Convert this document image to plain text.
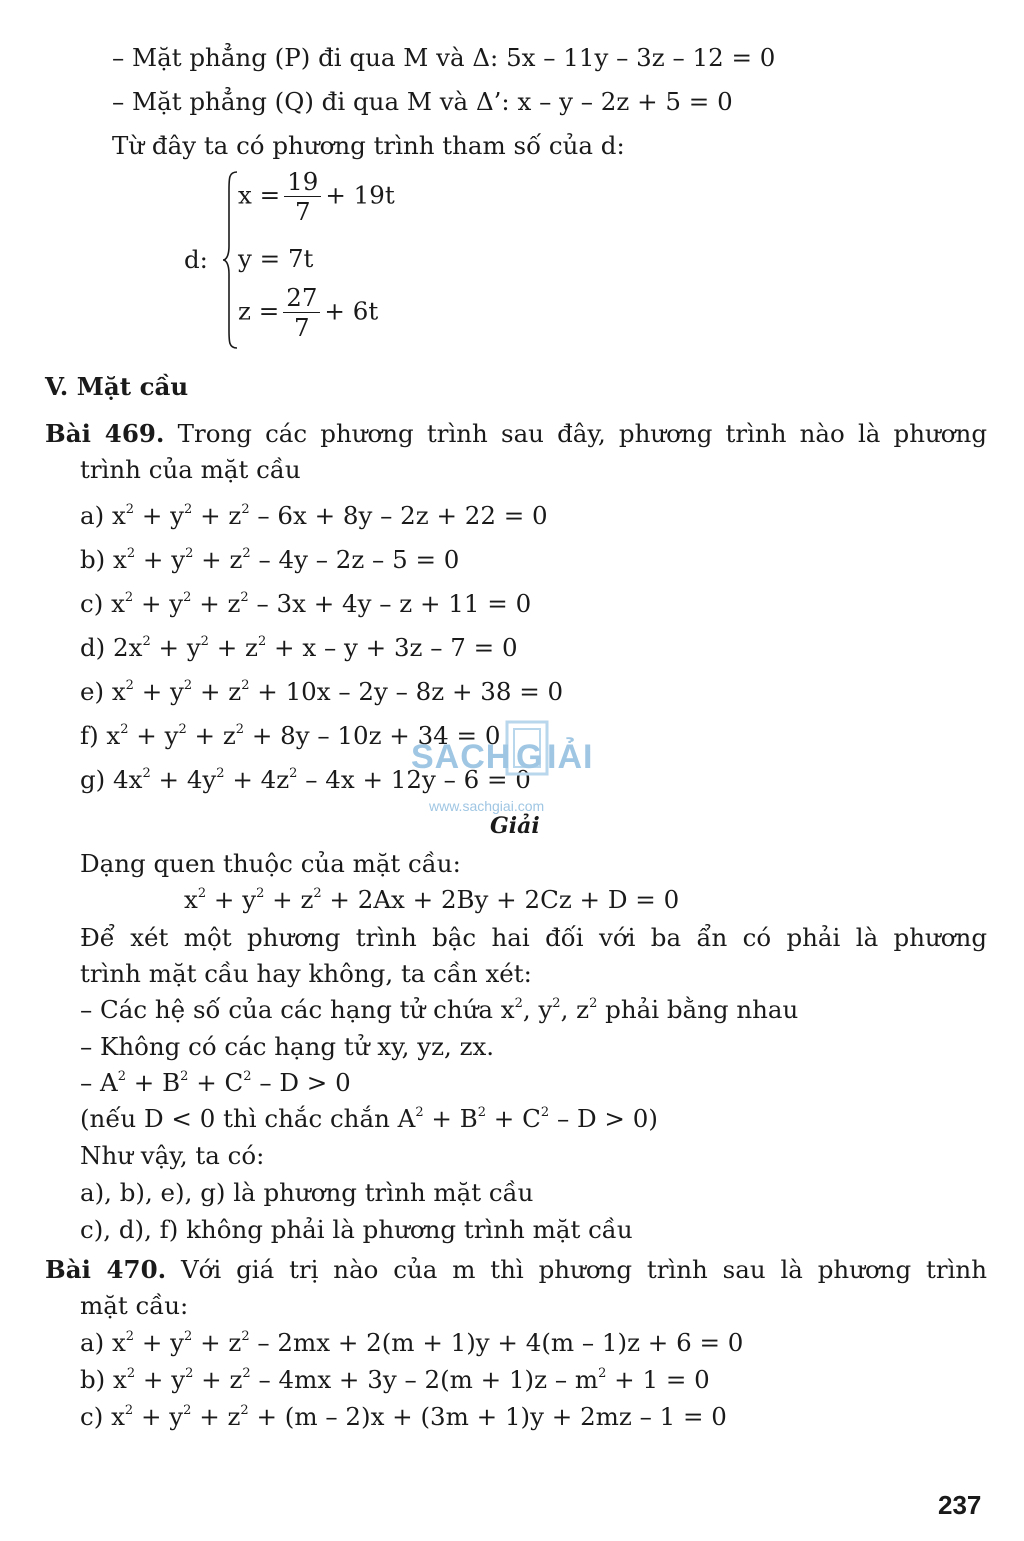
– Mặt phẳng (P) đi qua M và Δ: 5x – 11y – 3z – 12 = 0
– Mặt phẳng (Q) đi qua M và Δ’: x – y – 2z + 5 = 0
Từ đây ta có phương trình tham số của d:
d:
$x = \frac{19}{7} + 19t$
y = 7t
$z = \frac{27}{7} + 6t$
V. Mặt cầu
Bài 469. Trong các phương trình sau đây, phương trình nào là phương
trình của mặt cầu
a) $x^2 + y^2 + z^2 - 6x + 8y - 2z + 22 = 0$
b) $x^2 + y^2 + z^2 - 4y - 2z - 5 = 0$
c) $x^2 + y^2 + z^2 - 3x + 4y - z + 11 = 0$
d) $2x^2 + y^2 + z^2 + x - y + 3z - 7 = 0$
e) $x^2 + y^2 + z^2 + 10x - 2y - 8z + 38 = 0$
f) $x^2 + y^2 + z^2 + 8y - 10z + 34 = 0$
g) $4x^2 + 4y^2 + 4z^2 - 4x + 12y - 6 = 0$
SACH G IẢI
www.sachgiai.com
Giải
Dạng quen thuộc của mặt cầu:
$x^2 + y^2 + z^2 + 2Ax + 2By + 2Cz + D = 0$
Để xét một phương trình bậc hai đối với ba ẩn có phải là phương
trình mặt cầu hay không, ta cần xét:
– Các hệ số của các hạng tử chứa $x^2$, $y^2$, $z^2$ phải bằng nhau
– Không có các hạng tử xy, yz, zx.
– $A^2 + B^2 + C^2 - D > 0$
(nếu D < 0 thì chắc chắn $A^2 + B^2 + C^2 - D > 0$)
Như vậy, ta có:
a), b), e), g) là phương trình mặt cầu
c), d), f) không phải là phương trình mặt cầu
Bài 470. Với giá trị nào của m thì phương trình sau là phương trình
mặt cầu:
a) $x^2 + y^2 + z^2 - 2mx + 2(m + 1)y + 4(m - 1)z + 6 = 0$
b) $x^2 + y^2 + z^2 - 4mx + 3y - 2(m + 1)z - m^2 + 1 = 0$
c) $x^2 + y^2 + z^2 + (m - 2)x + (3m + 1)y + 2mz - 1 = 0$
237
